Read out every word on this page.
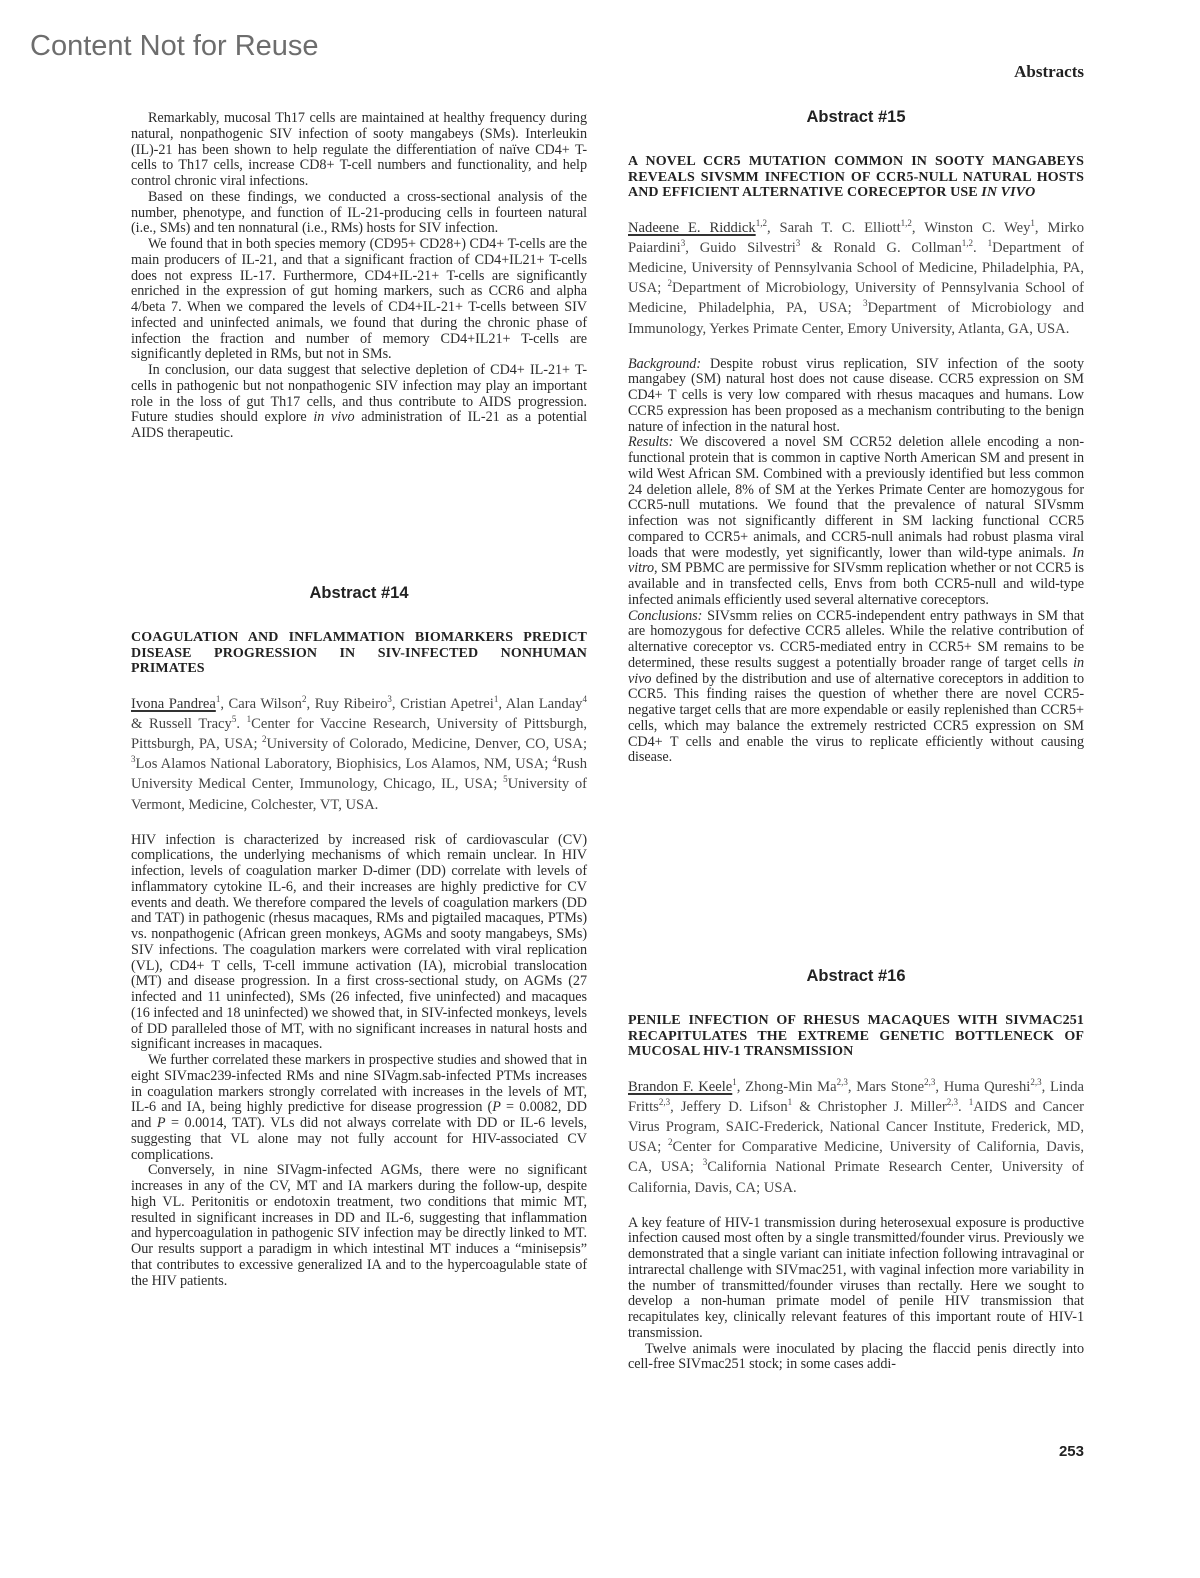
Content Not for Reuse
Abstracts

Remarkably, mucosal Th17 cells are maintained at healthy frequency during natural, nonpathogenic SIV infection of sooty mangabeys (SMs). Interleukin (IL)-21 has been shown to help regulate the differentiation of naïve CD4+ T-cells to Th17 cells, increase CD8+ T-cell numbers and functionality, and help control chronic viral infections.

Based on these findings, we conducted a cross-sectional analysis of the number, phenotype, and function of IL-21-producing cells in fourteen natural (i.e., SMs) and ten nonnatural (i.e., RMs) hosts for SIV infection.

We found that in both species memory (CD95+ CD28+) CD4+ T-cells are the main producers of IL-21, and that a significant fraction of CD4+IL21+ T-cells does not express IL-17. Furthermore, CD4+IL-21+ T-cells are significantly enriched in the expression of gut homing markers, such as CCR6 and alpha 4/beta 7. When we compared the levels of CD4+IL-21+ T-cells between SIV infected and uninfected animals, we found that during the chronic phase of infection the fraction and number of memory CD4+IL21+ T-cells are significantly depleted in RMs, but not in SMs.

In conclusion, our data suggest that selective depletion of CD4+ IL-21+ T-cells in pathogenic but not nonpathogenic SIV infection may play an important role in the loss of gut Th17 cells, and thus contribute to AIDS progression. Future studies should explore in vivo administration of IL-21 as a potential AIDS therapeutic.

Abstract #14
COAGULATION AND INFLAMMATION BIOMARKERS PREDICT DISEASE PROGRESSION IN SIV-INFECTED NONHUMAN PRIMATES
Ivona Pandrea$^1$, Cara Wilson$^2$, Ruy Ribeiro$^3$, Cristian Apetrei$^1$, Alan Landay$^4$ & Russell Tracy$^5$. $^1$Center for Vaccine Research, University of Pittsburgh, Pittsburgh, PA, USA; $^2$University of Colorado, Medicine, Denver, CO, USA; $^3$Los Alamos National Laboratory, Biophisics, Los Alamos, NM, USA; $^4$Rush University Medical Center, Immunology, Chicago, IL, USA; $^5$University of Vermont, Medicine, Colchester, VT, USA.

HIV infection is characterized by increased risk of cardiovascular (CV) complications, the underlying mechanisms of which remain unclear. In HIV infection, levels of coagulation marker D-dimer (DD) correlate with levels of inflammatory cytokine IL-6, and their increases are highly predictive for CV events and death. We therefore compared the levels of coagulation markers (DD and TAT) in pathogenic (rhesus macaques, RMs and pigtailed macaques, PTMs) vs. nonpathogenic (African green monkeys, AGMs and sooty mangabeys, SMs) SIV infections. The coagulation markers were correlated with viral replication (VL), CD4+ T cells, T-cell immune activation (IA), microbial translocation (MT) and disease progression. In a first cross-sectional study, on AGMs (27 infected and 11 uninfected), SMs (26 infected, five uninfected) and macaques (16 infected and 18 uninfected) we showed that, in SIV-infected monkeys, levels of DD paralleled those of MT, with no significant increases in natural hosts and significant increases in macaques.

We further correlated these markers in prospective studies and showed that in eight SIVmac239-infected RMs and nine SIVagm.sab-infected PTMs increases in coagulation markers strongly correlated with increases in the levels of MT, IL-6 and IA, being highly predictive for disease progression (P = 0.0082, DD and P = 0.0014, TAT). VLs did not always correlate with DD or IL-6 levels, suggesting that VL alone may not fully account for HIV-associated CV complications.

Conversely, in nine SIVagm-infected AGMs, there were no significant increases in any of the CV, MT and IA markers during the follow-up, despite high VL. Peritonitis or endotoxin treatment, two conditions that mimic MT, resulted in significant increases in DD and IL-6, suggesting that inflammation and hypercoagulation in pathogenic SIV infection may be directly linked to MT. Our results support a paradigm in which intestinal MT induces a “minisepsis” that contributes to excessive generalized IA and to the hypercoagulable state of the HIV patients.

Abstract #15
A NOVEL CCR5 MUTATION COMMON IN SOOTY MANGABEYS REVEALS SIVSMM INFECTION OF CCR5-NULL NATURAL HOSTS AND EFFICIENT ALTERNATIVE CORECEPTOR USE IN VIVO
Nadeene E. Riddick$^{1,2}$, Sarah T. C. Elliott$^{1,2}$, Winston C. Wey$^1$, Mirko Paiardini$^3$, Guido Silvestri$^3$ & Ronald G. Collman$^{1,2}$. $^1$Department of Medicine, University of Pennsylvania School of Medicine, Philadelphia, PA, USA; $^2$Department of Microbiology, University of Pennsylvania School of Medicine, Philadelphia, PA, USA; $^3$Department of Microbiology and Immunology, Yerkes Primate Center, Emory University, Atlanta, GA, USA.

Background: Despite robust virus replication, SIV infection of the sooty mangabey (SM) natural host does not cause disease. CCR5 expression on SM CD4+ T cells is very low compared with rhesus macaques and humans. Low CCR5 expression has been proposed as a mechanism contributing to the benign nature of infection in the natural host.

Results: We discovered a novel SM CCR52 deletion allele encoding a non-functional protein that is common in captive North American SM and present in wild West African SM. Combined with a previously identified but less common 24 deletion allele, 8% of SM at the Yerkes Primate Center are homozygous for CCR5-null mutations. We found that the prevalence of natural SIVsmm infection was not significantly different in SM lacking functional CCR5 compared to CCR5+ animals, and CCR5-null animals had robust plasma viral loads that were modestly, yet significantly, lower than wild-type animals. In vitro, SM PBMC are permissive for SIVsmm replication whether or not CCR5 is available and in transfected cells, Envs from both CCR5-null and wild-type infected animals efficiently used several alternative coreceptors.

Conclusions: SIVsmm relies on CCR5-independent entry pathways in SM that are homozygous for defective CCR5 alleles. While the relative contribution of alternative coreceptor vs. CCR5-mediated entry in CCR5+ SM remains to be determined, these results suggest a potentially broader range of target cells in vivo defined by the distribution and use of alternative coreceptors in addition to CCR5. This finding raises the question of whether there are novel CCR5-negative target cells that are more expendable or easily replenished than CCR5+ cells, which may balance the extremely restricted CCR5 expression on SM CD4+ T cells and enable the virus to replicate efficiently without causing disease.

Abstract #16
PENILE INFECTION OF RHESUS MACAQUES WITH SIVMAC251 RECAPITULATES THE EXTREME GENETIC BOTTLENECK OF MUCOSAL HIV-1 TRANSMISSION
Brandon F. Keele$^1$, Zhong-Min Ma$^{2,3}$, Mars Stone$^{2,3}$, Huma Qureshi$^{2,3}$, Linda Fritts$^{2,3}$, Jeffery D. Lifson$^1$ & Christopher J. Miller$^{2,3}$. $^1$AIDS and Cancer Virus Program, SAIC-Frederick, National Cancer Institute, Frederick, MD, USA; $^2$Center for Comparative Medicine, University of California, Davis, CA, USA; $^3$California National Primate Research Center, University of California, Davis, CA; USA.

A key feature of HIV-1 transmission during heterosexual exposure is productive infection caused most often by a single transmitted/founder virus. Previously we demonstrated that a single variant can initiate infection following intravaginal or intrarectal challenge with SIVmac251, with vaginal infection more variability in the number of transmitted/founder viruses than rectally. Here we sought to develop a non-human primate model of penile HIV transmission that recapitulates key, clinically relevant features of this important route of HIV-1 transmission.

Twelve animals were inoculated by placing the flaccid penis directly into cell-free SIVmac251 stock; in some cases addi-

253
